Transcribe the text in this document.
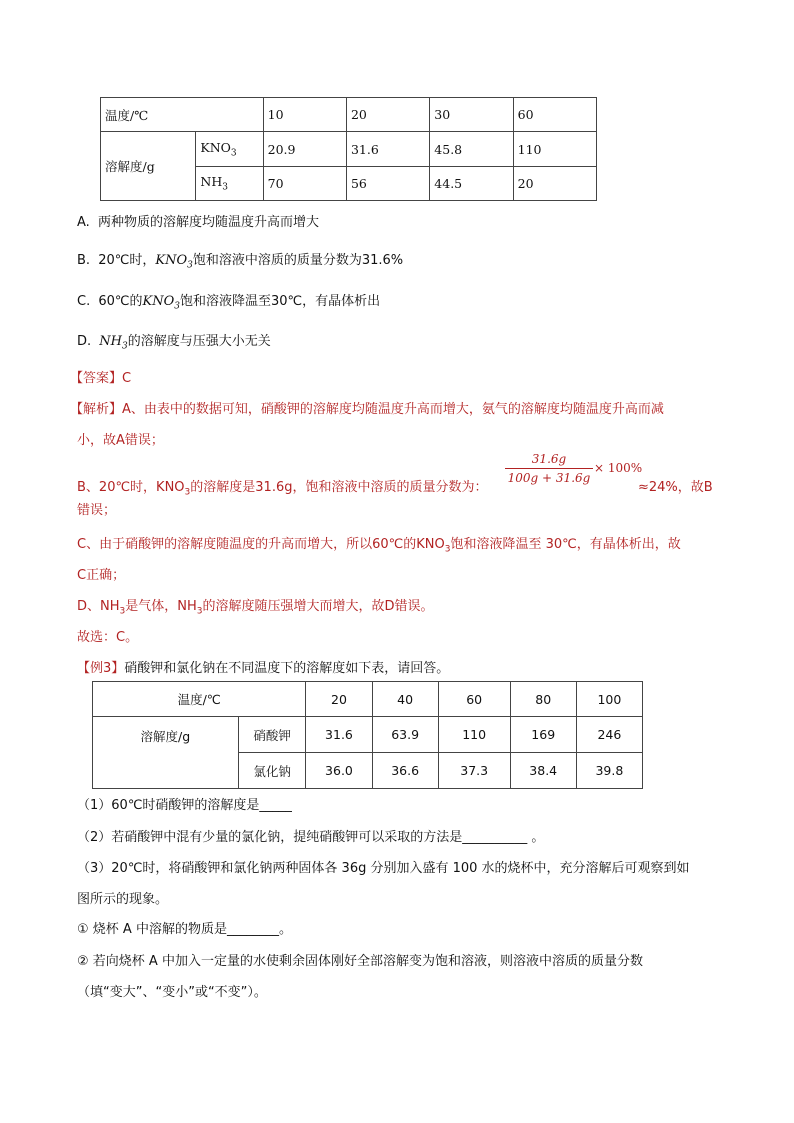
温度/℃		10	20	30	60
溶解度/g	$KNO_3$	20.9	31.6	45.8	110
	$NH_3$	70	56	44.5	20
A. 两种物质的溶解度均随温度升高而增大
B. 20℃时，$KNO_3$饱和溶液中溶质的质量分数为31.6%
C. 60℃的$KNO_3$饱和溶液降温至30℃，有晶体析出
D. $NH_3$的溶解度与压强大小无关
【答案】C
【解析】A、由表中的数据可知，硝酸钾的溶解度均随温度升高而增大，氨气的溶解度均随温度升高而减
小，故A错误；
B、20℃时，$KNO_3$的溶解度是31.6g，饱和溶液中溶质的质量分数为：
$\frac{31.6g}{100g + 31.6g} \times 100\%$
≈24%，故B
错误；
C、由于硝酸钾的溶解度随温度的升高而增大，所以60℃的$KNO_3$饱和溶液降温至 30℃，有晶体析出，故
C正确；
D、$NH_3$是气体，$NH_3$的溶解度随压强增大而增大，故D错误。
故选：C。
【例3】硝酸钾和氯化钠在不同温度下的溶解度如下表，请回答。
温度/℃		20	40	60	80	100
溶解度/g	硝酸钾	31.6	63.9	110	169	246
	氯化钠	36.0	36.6	37.3	38.4	39.8
（1）60℃时硝酸钾的溶解度是_____
（2）若硝酸钾中混有少量的氯化钠，提纯硝酸钾可以采取的方法是__________ 。
（3）20℃时，将硝酸钾和氯化钠两种固体各 36g 分别加入盛有 100 水的烧杯中，充分溶解后可观察到如
图所示的现象。
① 烧杯 A 中溶解的物质是________。
② 若向烧杯 A 中加入一定量的水使剩余固体刚好全部溶解变为饱和溶液，则溶液中溶质的质量分数
（填“变大”、“变小”或“不变”）。
